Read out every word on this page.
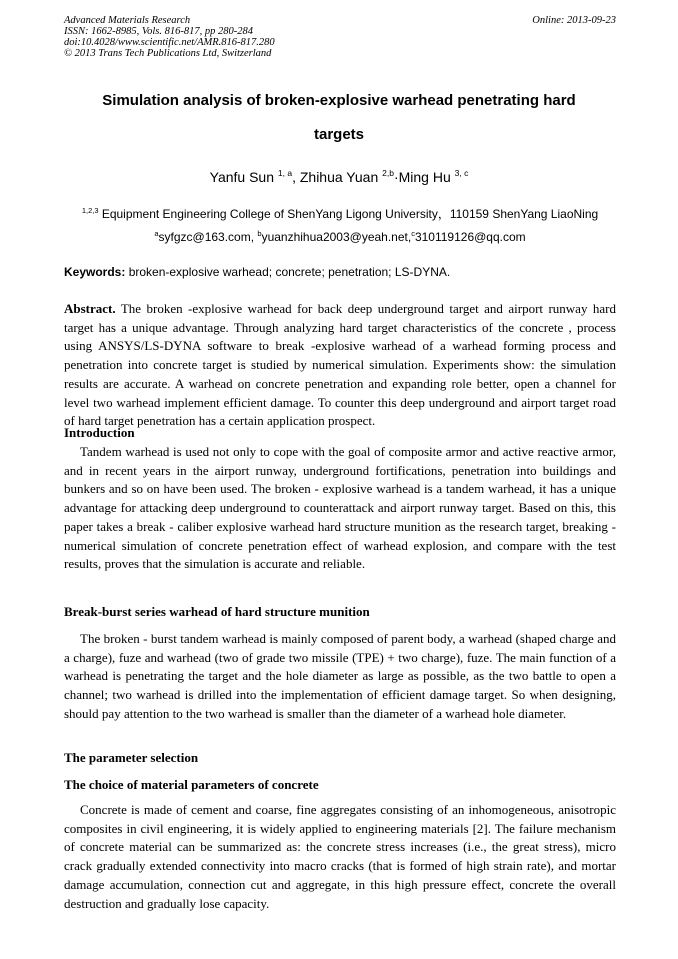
Advanced Materials Research
ISSN: 1662-8985, Vols. 816-817, pp 280-284
doi:10.4028/www.scientific.net/AMR.816-817.280
© 2013 Trans Tech Publications Ltd, Switzerland
Online: 2013-09-23
Simulation analysis of broken-explosive warhead penetrating hard
targets
Yanfu Sun $^{1, a}$, Zhihua Yuan $^{2,b}$·Ming Hu $^{3, c}$
$^{1,2,3}$ Equipment Engineering College of ShenYang Ligong University，110159 ShenYang LiaoNing
$^a$syfgzc@163.com, $^b$yuanzhihua2003@yeah.net,$^c$310119126@qq.com
Keywords: broken-explosive warhead; concrete; penetration; LS-DYNA.

Abstract. The broken -explosive warhead for back deep underground target and airport runway hard target has a unique advantage. Through analyzing hard target characteristics of the concrete , process using ANSYS/LS-DYNA software to break -explosive warhead of a warhead forming process and penetration into concrete target is studied by numerical simulation. Experiments show: the simulation results are accurate. A warhead on concrete penetration and expanding role better, open a channel for level two warhead implement efficient damage. To counter this deep underground and airport target road of hard target penetration has a certain application prospect.

Introduction

Tandem warhead is used not only to cope with the goal of composite armor and active reactive armor, and in recent years in the airport runway, underground fortifications, penetration into buildings and bunkers and so on have been used. The broken - explosive warhead is a tandem warhead, it has a unique advantage for attacking deep underground to counterattack and airport runway target. Based on this, this paper takes a break - caliber explosive warhead hard structure munition as the research target, breaking -numerical simulation of concrete penetration effect of warhead explosion, and compare with the test results, proves that the simulation is accurate and reliable.

Break-burst series warhead of hard structure munition

The broken - burst tandem warhead is mainly composed of parent body, a warhead (shaped charge and a charge), fuze and warhead (two of grade two missile (TPE) + two charge), fuze. The main function of a warhead is penetrating the target and the hole diameter as large as possible, as the two battle to open a channel; two warhead is drilled into the implementation of efficient damage target. So when designing, should pay attention to the two warhead is smaller than the diameter of a warhead hole diameter.

The parameter selection
The choice of material parameters of concrete

Concrete is made of cement and coarse, fine aggregates consisting of an inhomogeneous, anisotropic composites in civil engineering, it is widely applied to engineering materials [2]. The failure mechanism of concrete material can be summarized as: the concrete stress increases (i.e., the great stress), micro crack gradually extended connectivity into macro cracks (that is formed of high strain rate), and mortar damage accumulation, connection cut and aggregate, in this high pressure effect, concrete the overall destruction and gradually lose capacity.
